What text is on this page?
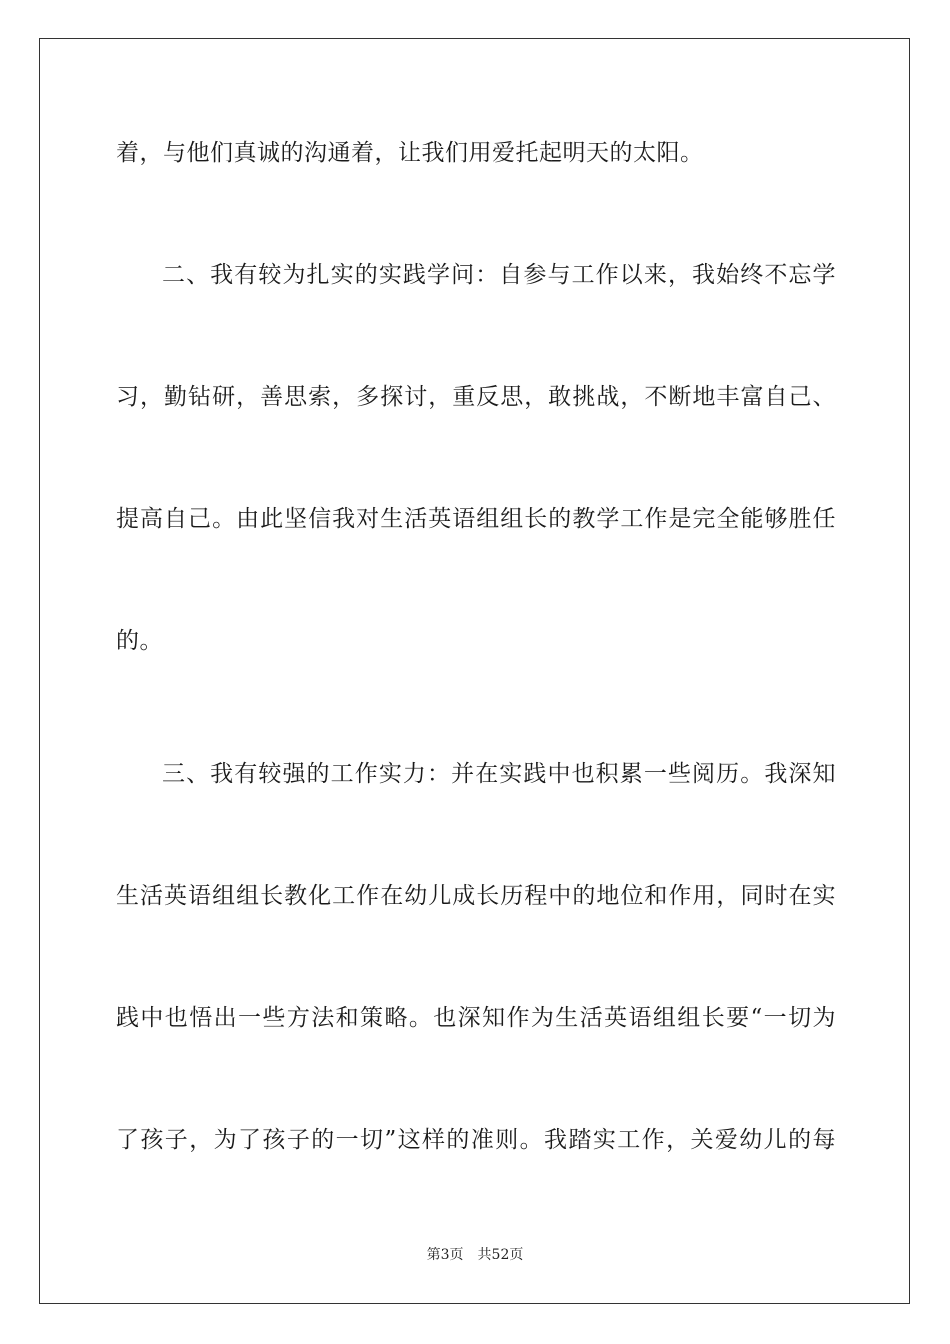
着，与他们真诚的沟通着，让我们用爱托起明天的太阳。
二、我有较为扎实的实践学问：自参与工作以来，我始终不忘学
习，勤钻研，善思索，多探讨，重反思，敢挑战，不断地丰富自己、
提高自己。由此坚信我对生活英语组组长的教学工作是完全能够胜任
的。
三、我有较强的工作实力：并在实践中也积累一些阅历。我深知
生活英语组组长教化工作在幼儿成长历程中的地位和作用，同时在实
践中也悟出一些方法和策略。也深知作为生活英语组组长要“一切为
了孩子，为了孩子的一切”这样的准则。我踏实工作，关爱幼儿的每
第3页 共52页
